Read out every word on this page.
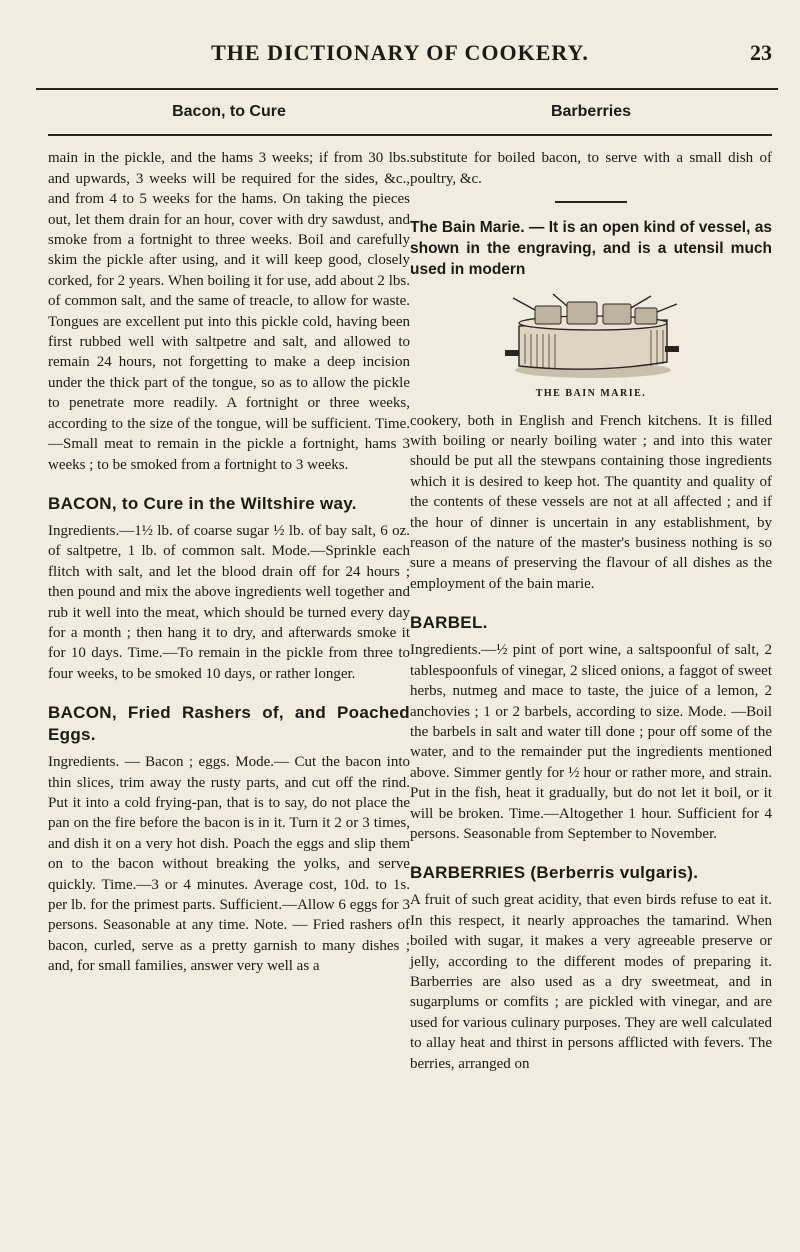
THE DICTIONARY OF COOKERY.	23
Bacon, to Cure

main in the pickle, and the hams 3 weeks; if from 30 lbs. and upwards, 3 weeks will be required for the sides, &c., and from 4 to 5 weeks for the hams. On taking the pieces out, let them drain for an hour, cover with dry sawdust, and smoke from a fortnight to three weeks. Boil and carefully skim the pickle after using, and it will keep good, closely corked, for 2 years. When boiling it for use, add about 2 lbs. of common salt, and the same of treacle, to allow for waste. Tongues are excellent put into this pickle cold, having been first rubbed well with saltpetre and salt, and allowed to remain 24 hours, not forgetting to make a deep incision under the thick part of the tongue, so as to allow the pickle to penetrate more readily. A fortnight or three weeks, according to the size of the tongue, will be sufficient. Time.—Small meat to remain in the pickle a fortnight, hams 3 weeks ; to be smoked from a fortnight to 3 weeks.

BACON, to Cure in the Wiltshire way.

Ingredients.—1½ lb. of coarse sugar ½ lb. of bay salt, 6 oz. of saltpetre, 1 lb. of common salt. Mode.—Sprinkle each flitch with salt, and let the blood drain off for 24 hours ; then pound and mix the above ingredients well together and rub it well into the meat, which should be turned every day for a month ; then hang it to dry, and afterwards smoke it for 10 days. Time.—To remain in the pickle from three to four weeks, to be smoked 10 days, or rather longer.

BACON, Fried Rashers of, and Poached Eggs.

Ingredients. — Bacon ; eggs. Mode.— Cut the bacon into thin slices, trim away the rusty parts, and cut off the rind. Put it into a cold frying-pan, that is to say, do not place the pan on the fire before the bacon is in it. Turn it 2 or 3 times, and dish it on a very hot dish. Poach the eggs and slip them on to the bacon without breaking the yolks, and serve quickly. Time.—3 or 4 minutes. Average cost, 10d. to 1s. per lb. for the primest parts. Sufficient.—Allow 6 eggs for 3 persons. Seasonable at any time. Note. — Fried rashers of bacon, curled, serve as a pretty garnish to many dishes ; and, for small families, answer very well as a

Barberries

substitute for boiled bacon, to serve with a small dish of poultry, &c.

The Bain Marie. — It is an open kind of vessel, as shown in the engraving, and is a utensil much used in modern

THE BAIN MARIE.

cookery, both in English and French kitchens. It is filled with boiling or nearly boiling water ; and into this water should be put all the stewpans containing those ingredients which it is desired to keep hot. The quantity and quality of the contents of these vessels are not at all affected ; and if the hour of dinner is uncertain in any establishment, by reason of the nature of the master's business nothing is so sure a means of preserving the flavour of all dishes as the employment of the bain marie.

BARBEL.

Ingredients.—½ pint of port wine, a saltspoonful of salt, 2 tablespoonfuls of vinegar, 2 sliced onions, a faggot of sweet herbs, nutmeg and mace to taste, the juice of a lemon, 2 anchovies ; 1 or 2 barbels, according to size. Mode. —Boil the barbels in salt and water till done ; pour off some of the water, and to the remainder put the ingredients mentioned above. Simmer gently for ½ hour or rather more, and strain. Put in the fish, heat it gradually, but do not let it boil, or it will be broken. Time.—Altogether 1 hour. Sufficient for 4 persons. Seasonable from September to November.

BARBERRIES (Berberris vulgaris).

A fruit of such great acidity, that even birds refuse to eat it. In this respect, it nearly approaches the tamarind. When boiled with sugar, it makes a very agreeable preserve or jelly, according to the different modes of preparing it. Barberries are also used as a dry sweetmeat, and in sugarplums or comfits ; are pickled with vinegar, and are used for various culinary purposes. They are well calculated to allay heat and thirst in persons afflicted with fevers. The berries, arranged on
